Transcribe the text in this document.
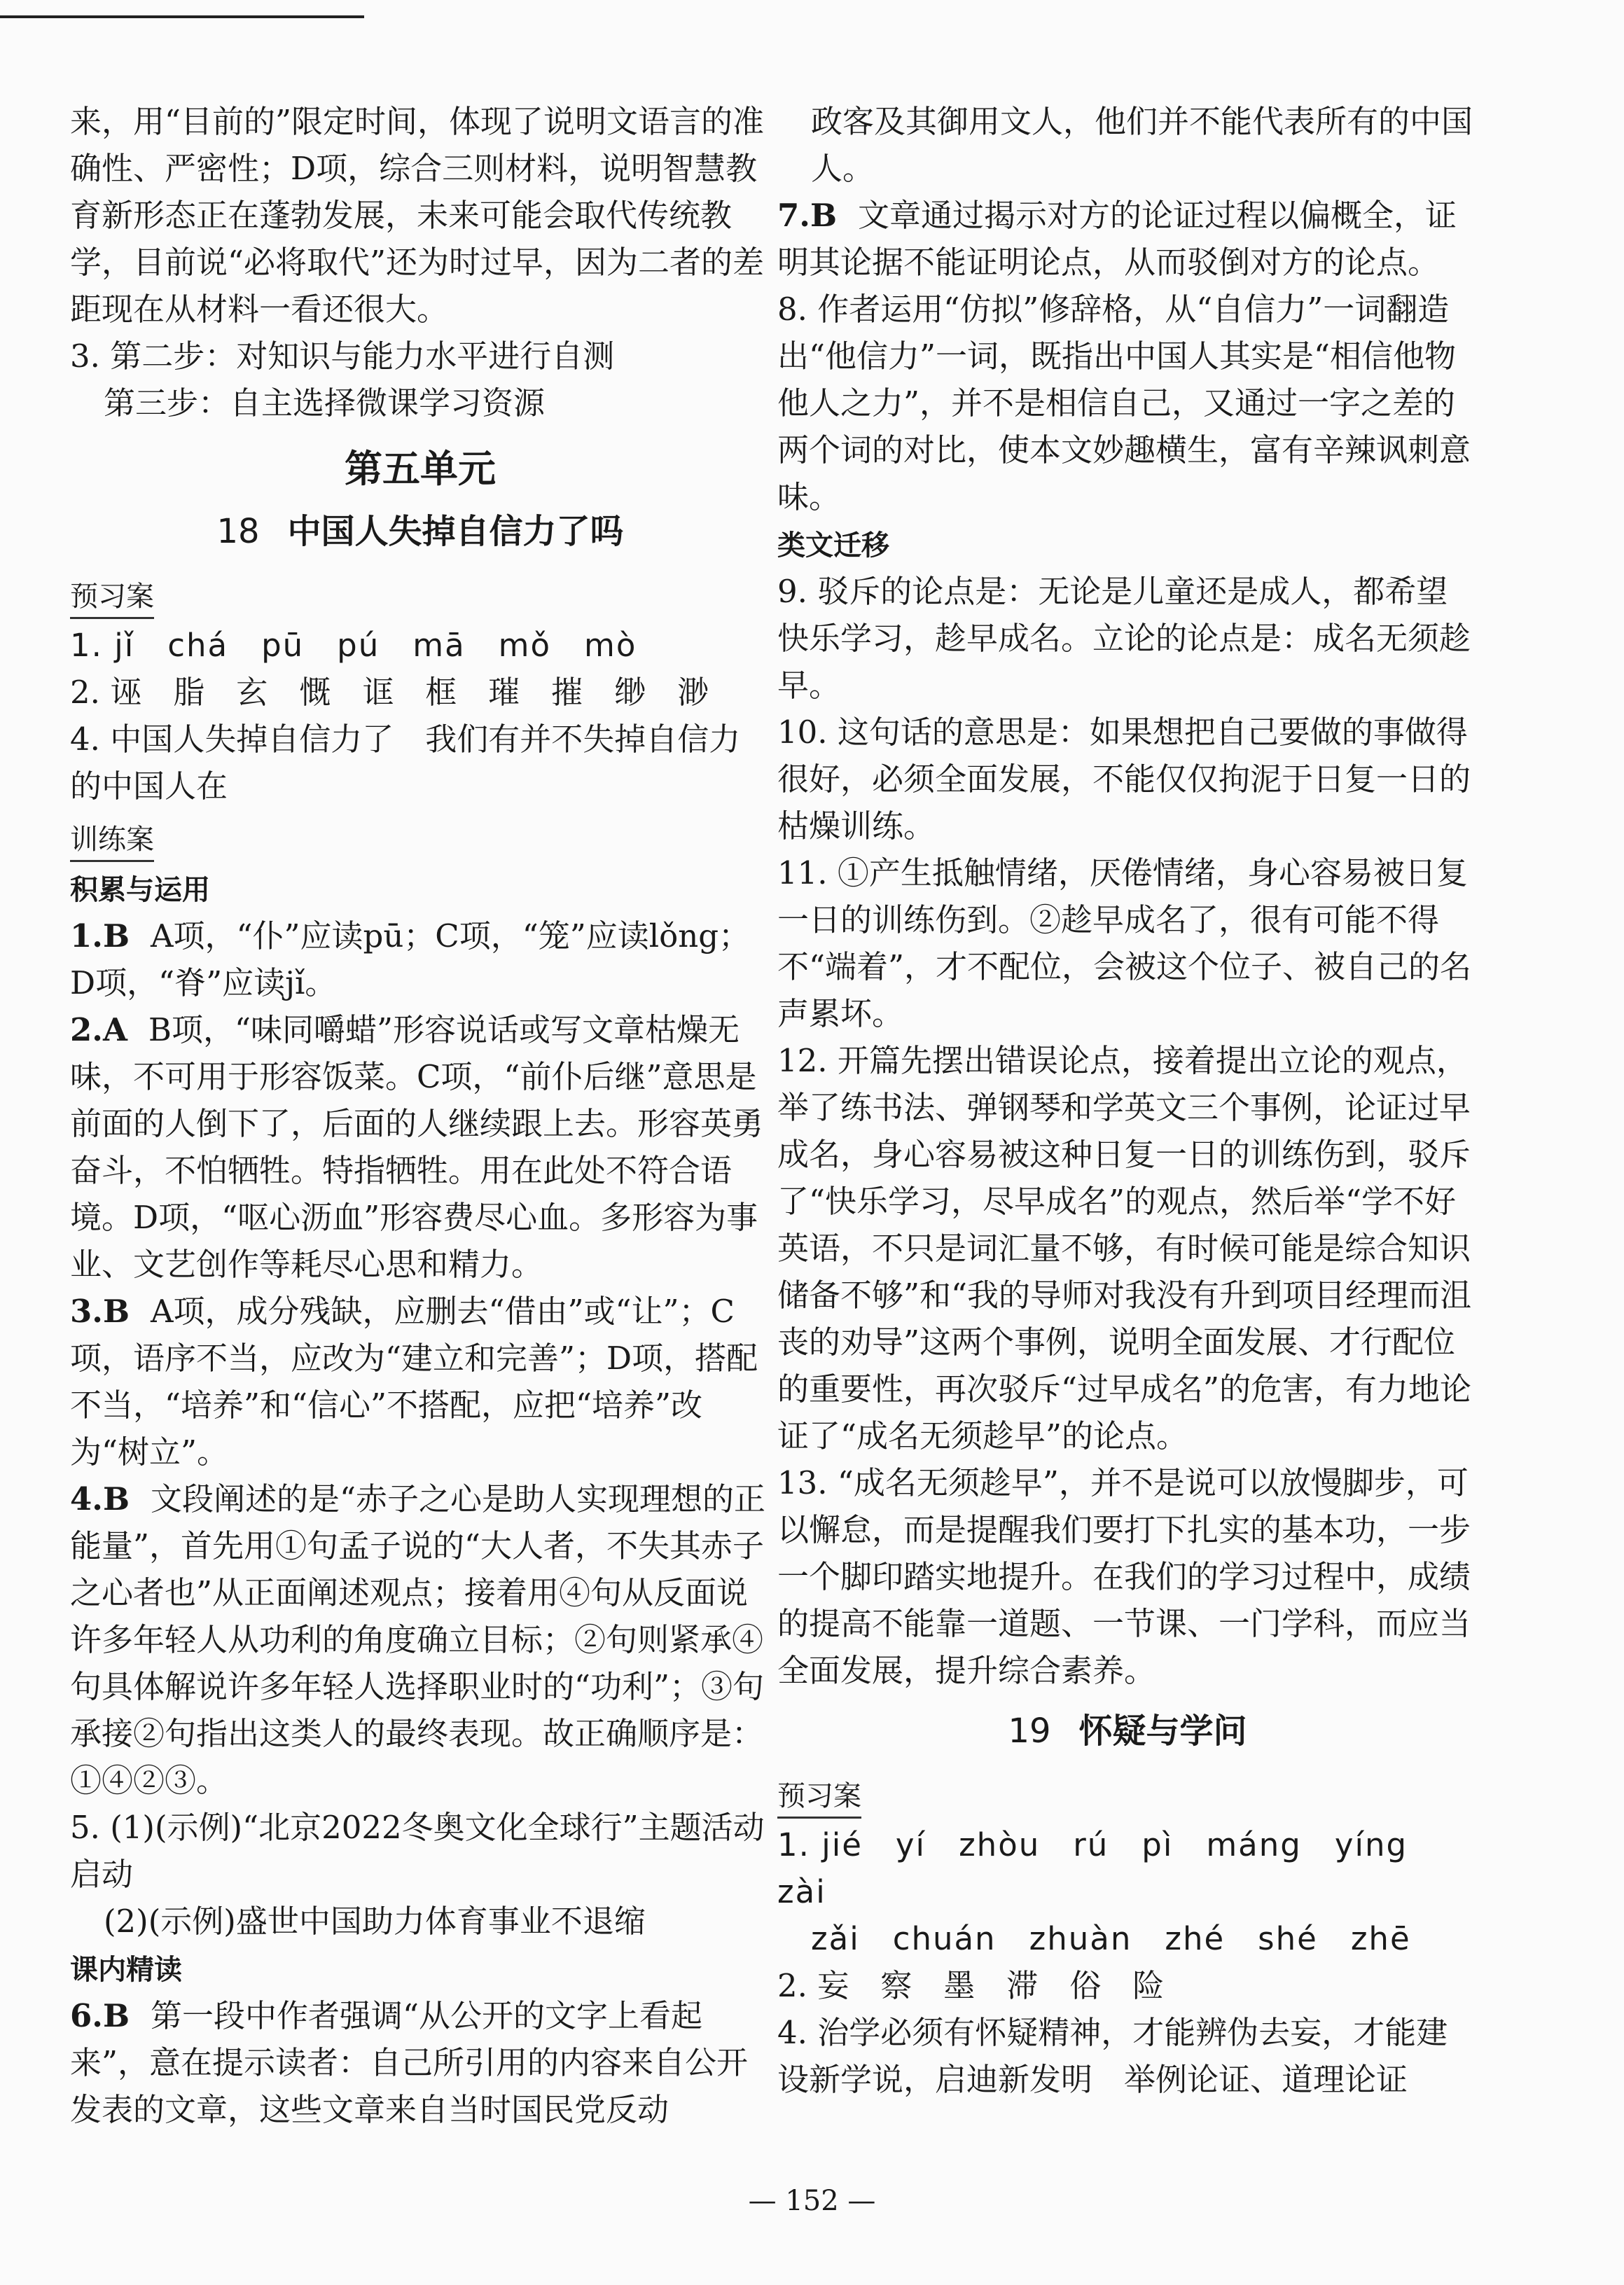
来，用“目前的”限定时间，体现了说明文语言的准确性、严密性；D项，综合三则材料，说明智慧教育新形态正在蓬勃发展，未来可能会取代传统教学，目前说“必将取代”还为时过早，因为二者的差距现在从材料一看还很大。

3. 第二步：对知识与能力水平进行自测

第三步：自主选择微课学习资源

第五单元
18 中国人失掉自信力了吗
预习案

1. jǐ　chá　pū　pú　mā　mǒ　mò

2. 诬　脂　玄　慨　诓　框　璀　摧　缈　渺

4. 中国人失掉自信力了　我们有并不失掉自信力的中国人在

训练案
积累与运用

1.B A项，“仆”应读pū；C项，“笼”应读lǒng；D项，“脊”应读jǐ。

2.A B项，“味同嚼蜡”形容说话或写文章枯燥无味，不可用于形容饭菜。C项，“前仆后继”意思是前面的人倒下了，后面的人继续跟上去。形容英勇奋斗，不怕牺牲。特指牺牲。用在此处不符合语境。D项，“呕心沥血”形容费尽心血。多形容为事业、文艺创作等耗尽心思和精力。

3.B A项，成分残缺，应删去“借由”或“让”；C项，语序不当，应改为“建立和完善”；D项，搭配不当，“培养”和“信心”不搭配，应把“培养”改为“树立”。

4.B 文段阐述的是“赤子之心是助人实现理想的正能量”，首先用①句孟子说的“大人者，不失其赤子之心者也”从正面阐述观点；接着用④句从反面说许多年轻人从功利的角度确立目标；②句则紧承④句具体解说许多年轻人选择职业时的“功利”；③句承接②句指出这类人的最终表现。故正确顺序是：①④②③。

5. (1)(示例)“北京2022冬奥文化全球行”主题活动启动

(2)(示例)盛世中国助力体育事业不退缩

课内精读

6.B 第一段中作者强调“从公开的文字上看起来”，意在提示读者：自己所引用的内容来自公开发表的文章，这些文章来自当时国民党反动

政客及其御用文人，他们并不能代表所有的中国人。

7.B 文章通过揭示对方的论证过程以偏概全，证明其论据不能证明论点，从而驳倒对方的论点。

8. 作者运用“仿拟”修辞格，从“自信力”一词翻造出“他信力”一词，既指出中国人其实是“相信他物他人之力”，并不是相信自己，又通过一字之差的两个词的对比，使本文妙趣横生，富有辛辣讽刺意味。

类文迁移

9. 驳斥的论点是：无论是儿童还是成人，都希望快乐学习，趁早成名。立论的论点是：成名无须趁早。

10. 这句话的意思是：如果想把自己要做的事做得很好，必须全面发展，不能仅仅拘泥于日复一日的枯燥训练。

11. ①产生抵触情绪，厌倦情绪，身心容易被日复一日的训练伤到。②趁早成名了，很有可能不得不“端着”，才不配位，会被这个位子、被自己的名声累坏。

12. 开篇先摆出错误论点，接着提出立论的观点，举了练书法、弹钢琴和学英文三个事例，论证过早成名，身心容易被这种日复一日的训练伤到，驳斥了“快乐学习，尽早成名”的观点，然后举“学不好英语，不只是词汇量不够，有时候可能是综合知识储备不够”和“我的导师对我没有升到项目经理而沮丧的劝导”这两个事例，说明全面发展、才行配位的重要性，再次驳斥“过早成名”的危害，有力地论证了“成名无须趁早”的论点。

13. “成名无须趁早”，并不是说可以放慢脚步，可以懈怠，而是提醒我们要打下扎实的基本功，一步一个脚印踏实地提升。在我们的学习过程中，成绩的提高不能靠一道题、一节课、一门学科，而应当全面发展，提升综合素养。

19 怀疑与学问
预习案

1. jié　yí　zhòu　rú　pì　máng　yíng　zài

zǎi　chuán　zhuàn　zhé　shé　zhē

2. 妄　察　墨　滞　俗　险

4. 治学必须有怀疑精神，才能辨伪去妄，才能建设新学说，启迪新发明　举例论证、道理论证

— 152 —
